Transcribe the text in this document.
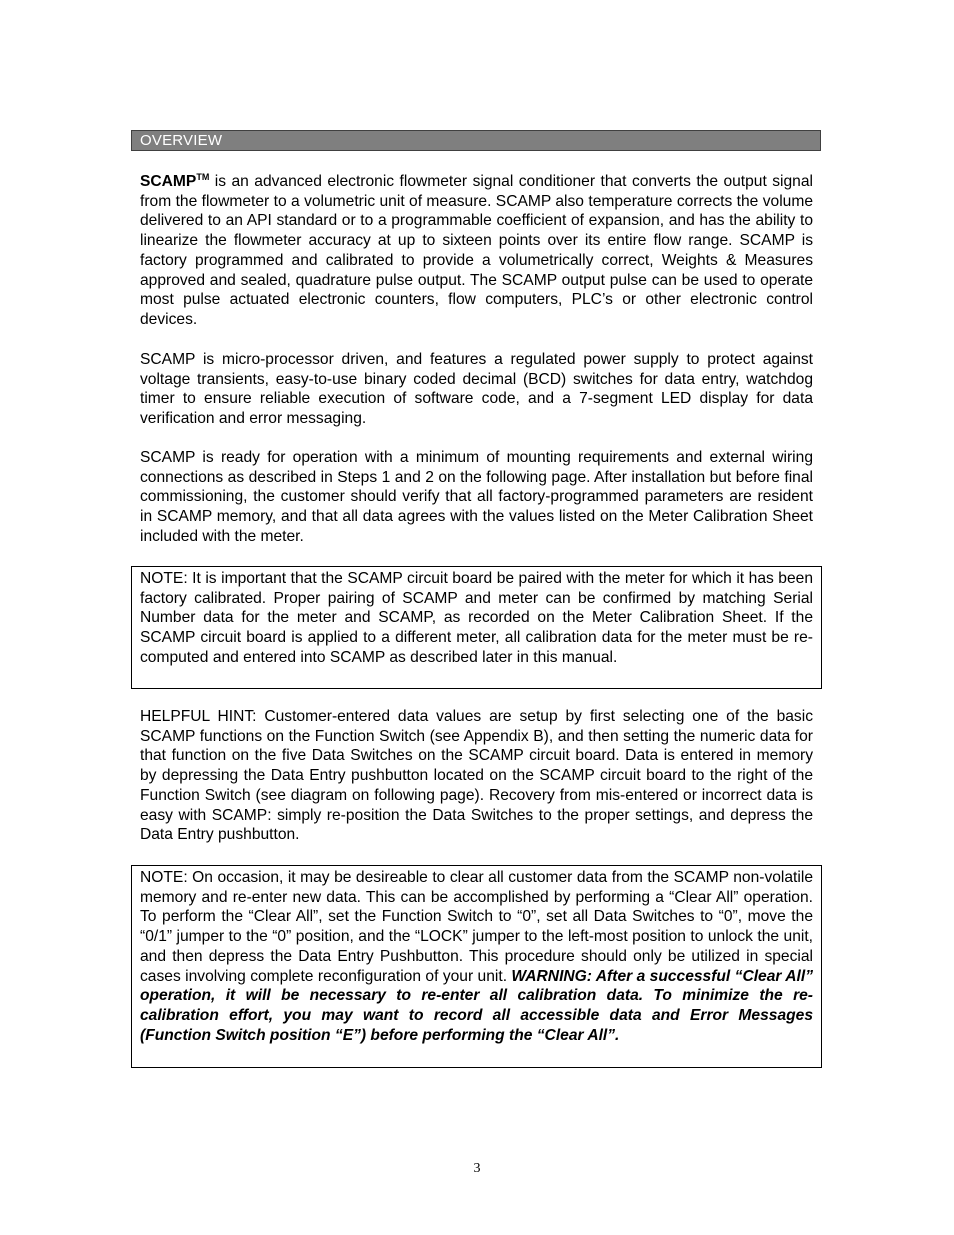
OVERVIEW

SCAMP™ is an advanced electronic flowmeter signal conditioner that converts the output signal from the flowmeter to a volumetric unit of measure. SCAMP also temperature corrects the volume delivered to an API standard or to a programmable coefficient of expansion, and has the ability to linearize the flowmeter accuracy at up to sixteen points over its entire flow range. SCAMP is factory programmed and calibrated to provide a volumetrically correct, Weights & Measures approved and sealed, quadrature pulse output. The SCAMP output pulse can be used to operate most pulse actuated electronic counters, flow computers, PLC’s or other electronic control devices.

SCAMP is micro-processor driven, and features a regulated power supply to protect against voltage transients, easy-to-use binary coded decimal (BCD) switches for data entry, watchdog timer to ensure reliable execution of software code, and a 7-segment LED display for data verification and error messaging.

SCAMP is ready for operation with a minimum of mounting requirements and external wiring connections as described in Steps 1 and 2 on the following page. After installation but before final commissioning, the customer should verify that all factory-programmed parameters are resident in SCAMP memory, and that all data agrees with the values listed on the Meter Calibration Sheet included with the meter.

NOTE: It is important that the SCAMP circuit board be paired with the meter for which it has been factory calibrated. Proper pairing of SCAMP and meter can be confirmed by matching Serial Number data for the meter and SCAMP, as recorded on the Meter Calibration Sheet. If the SCAMP circuit board is applied to a different meter, all calibration data for the meter must be re-computed and entered into SCAMP as described later in this manual.

HELPFUL HINT: Customer-entered data values are setup by first selecting one of the basic SCAMP functions on the Function Switch (see Appendix B), and then setting the numeric data for that function on the five Data Switches on the SCAMP circuit board. Data is entered in memory by depressing the Data Entry pushbutton located on the SCAMP circuit board to the right of the Function Switch (see diagram on following page). Recovery from mis-entered or incorrect data is easy with SCAMP: simply re-position the Data Switches to the proper settings, and depress the Data Entry pushbutton.

NOTE: On occasion, it may be desireable to clear all customer data from the SCAMP non-volatile memory and re-enter new data. This can be accomplished by performing a “Clear All” operation. To perform the “Clear All”, set the Function Switch to “0”, set all Data Switches to “0”, move the “0/1” jumper to the “0” position, and the “LOCK” jumper to the left-most position to unlock the unit, and then depress the Data Entry Pushbutton. This procedure should only be utilized in special cases involving complete reconfiguration of your unit. WARNING: After a successful “Clear All” operation, it will be necessary to re-enter all calibration data. To minimize the re-calibration effort, you may want to record all accessible data and Error Messages (Function Switch position “E”) before performing the “Clear All”.

3
